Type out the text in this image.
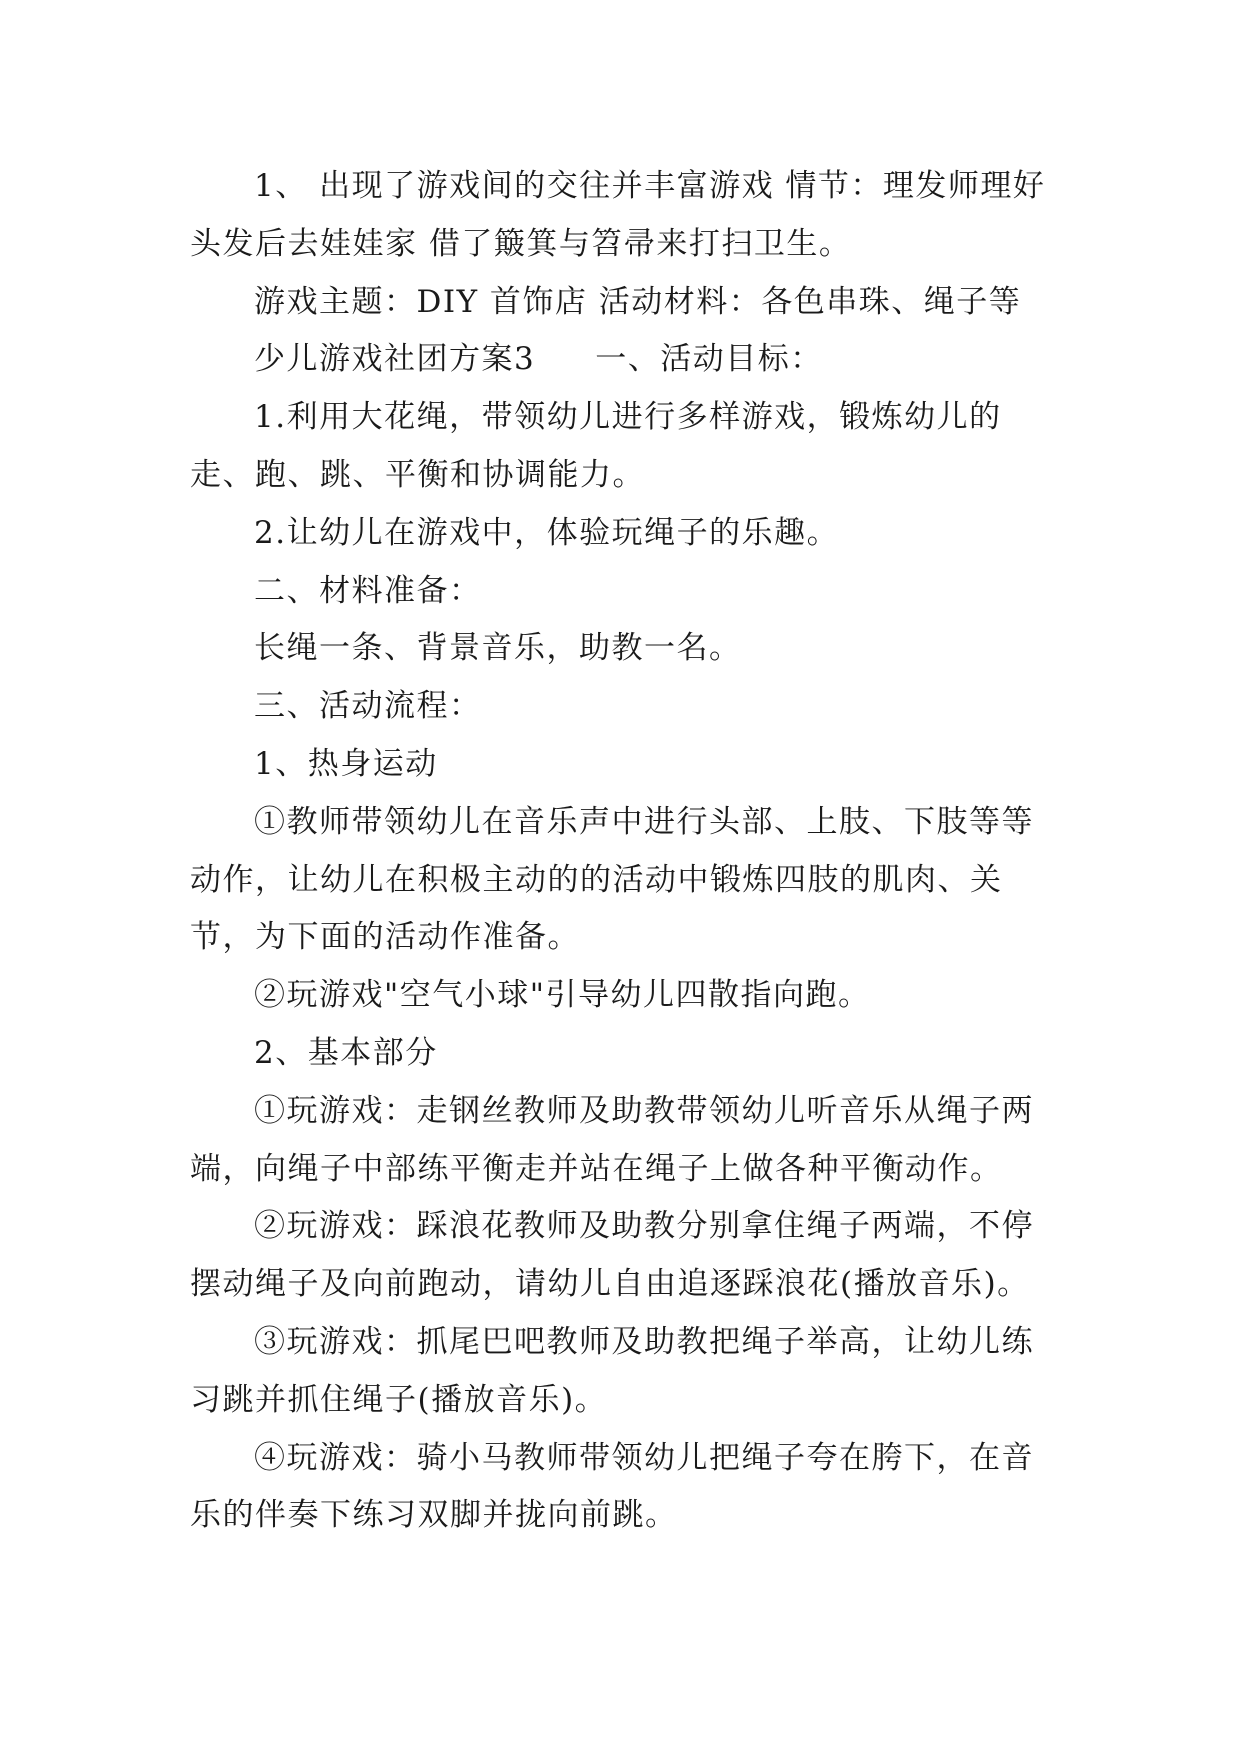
1、 出现了游戏间的交往并丰富游戏 情节：理发师理好头发后去娃娃家 借了簸箕与笤帚来打扫卫生。

游戏主题：DIY 首饰店 活动材料：各色串珠、绳子等

少儿游戏社团方案3 一、活动目标：

1.利用大花绳，带领幼儿进行多样游戏，锻炼幼儿的走、跑、跳、平衡和协调能力。

2.让幼儿在游戏中，体验玩绳子的乐趣。

二、材料准备：

长绳一条、背景音乐，助教一名。

三、活动流程：

1、热身运动

①教师带领幼儿在音乐声中进行头部、上肢、下肢等等动作，让幼儿在积极主动的的活动中锻炼四肢的肌肉、关节，为下面的活动作准备。

②玩游戏"空气小球"引导幼儿四散指向跑。

2、基本部分

①玩游戏：走钢丝教师及助教带领幼儿听音乐从绳子两端，向绳子中部练平衡走并站在绳子上做各种平衡动作。

②玩游戏：踩浪花教师及助教分别拿住绳子两端，不停摆动绳子及向前跑动，请幼儿自由追逐踩浪花(播放音乐)。

③玩游戏：抓尾巴吧教师及助教把绳子举高，让幼儿练习跳并抓住绳子(播放音乐)。

④玩游戏：骑小马教师带领幼儿把绳子夸在胯下，在音乐的伴奏下练习双脚并拢向前跳。
